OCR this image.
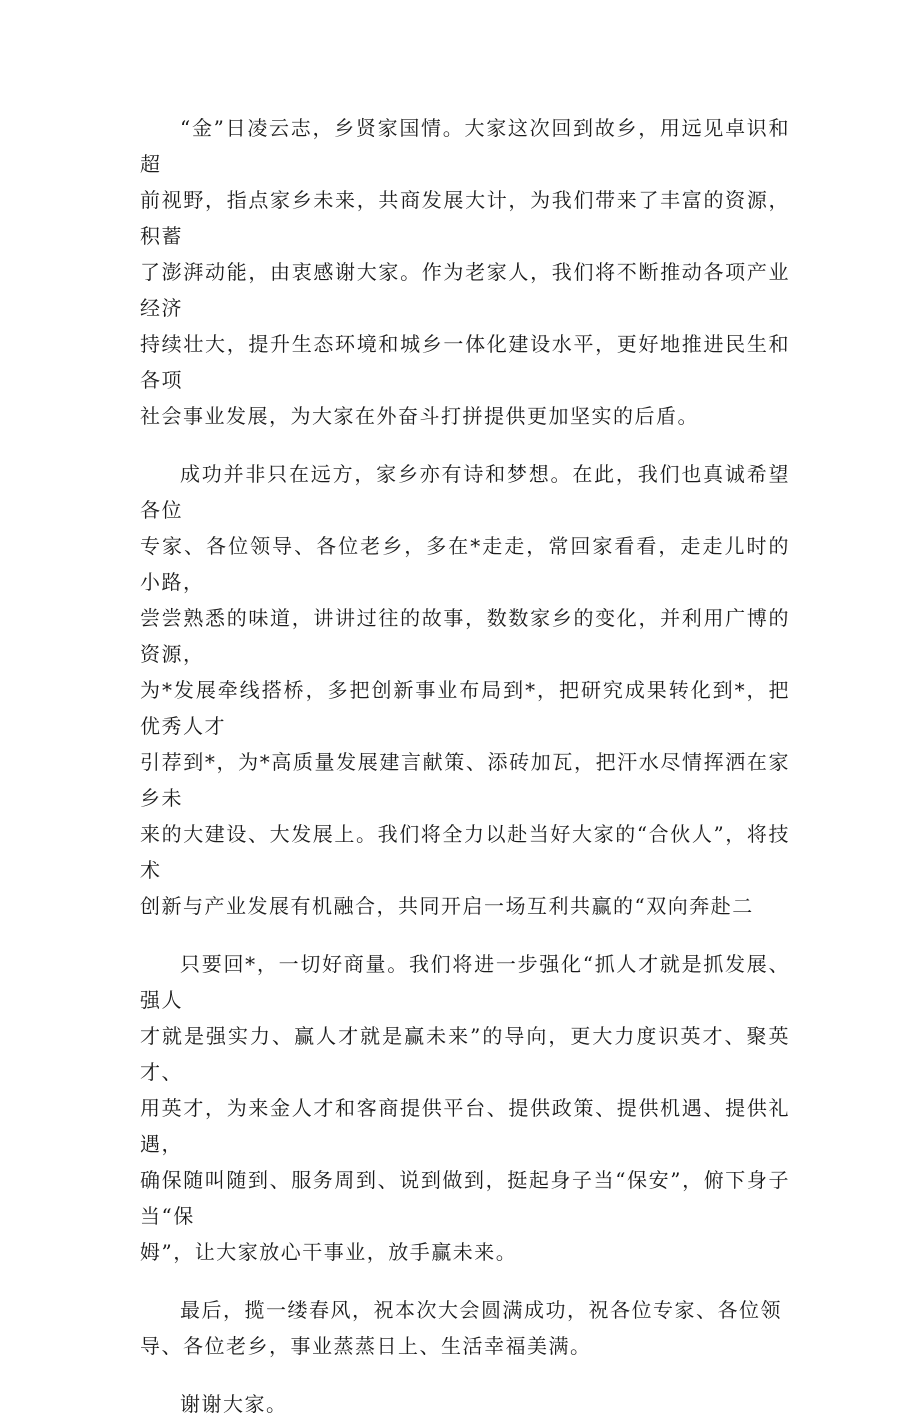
“金”日凌云志，乡贤家国情。大家这次回到故乡，用远见卓识和超
前视野，指点家乡未来，共商发展大计，为我们带来了丰富的资源，积蓄
了澎湃动能，由衷感谢大家。作为老家人，我们将不断推动各项产业经济
持续壮大，提升生态环境和城乡一体化建设水平，更好地推进民生和各项
社会事业发展，为大家在外奋斗打拼提供更加坚实的后盾。

成功并非只在远方，家乡亦有诗和梦想。在此，我们也真诚希望各位
专家、各位领导、各位老乡，多在*走走，常回家看看，走走儿时的小路，
尝尝熟悉的味道，讲讲过往的故事，数数家乡的变化，并利用广博的资源，
为*发展牵线搭桥，多把创新事业布局到*，把研究成果转化到*，把优秀人才
引荐到*，为*高质量发展建言献策、添砖加瓦，把汗水尽情挥洒在家乡未
来的大建设、大发展上。我们将全力以赴当好大家的“合伙人”，将技术
创新与产业发展有机融合，共同开启一场互利共赢的“双向奔赴二

只要回*，一切好商量。我们将进一步强化“抓人才就是抓发展、强人
才就是强实力、赢人才就是赢未来”的导向，更大力度识英才、聚英才、
用英才，为来金人才和客商提供平台、提供政策、提供机遇、提供礼遇，
确保随叫随到、服务周到、说到做到，挺起身子当“保安”，俯下身子当“保
姆”，让大家放心干事业，放手赢未来。

最后，揽一缕春风，祝本次大会圆满成功，祝各位专家、各位领
导、各位老乡，事业蒸蒸日上、生活幸福美满。

谢谢大家。
